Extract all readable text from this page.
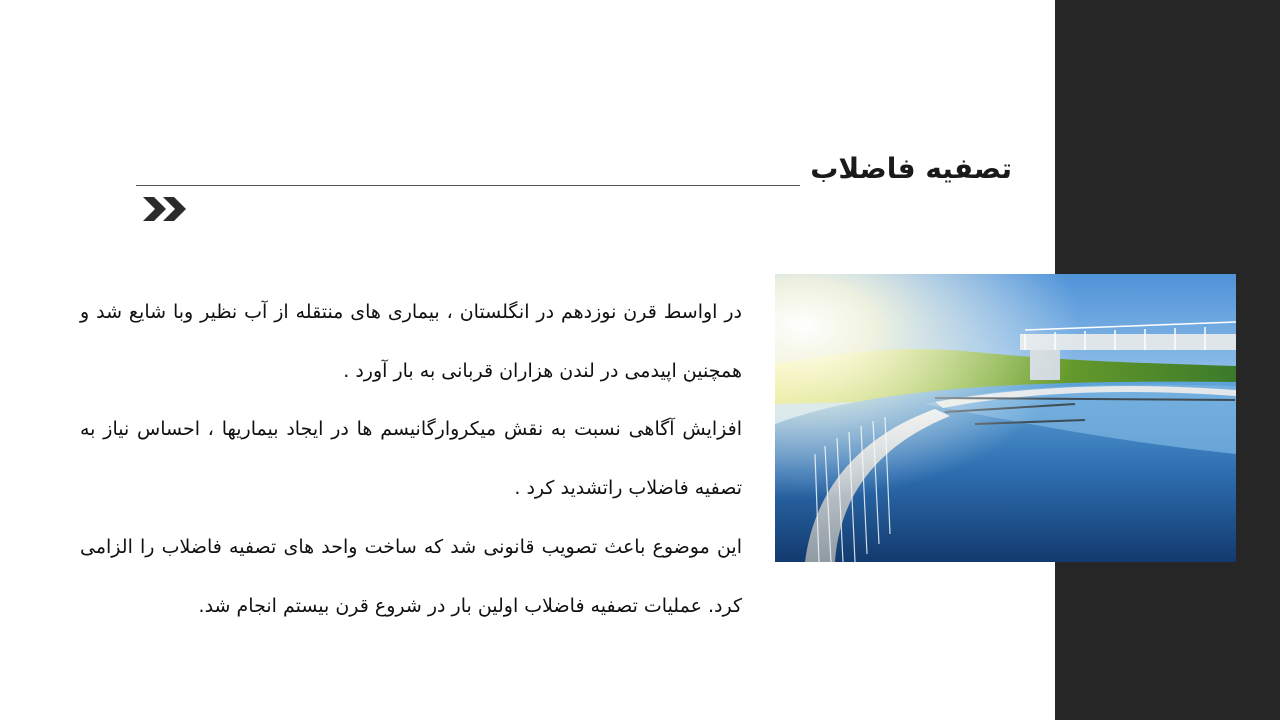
تصفیه فاضلاب

در اواسط قرن نوزدهم در انگلستان ، بیماری های منتقله از آب نظیر وبا شایع شد و همچنین اپیدمی در لندن هزاران قربانی به بار آورد .

افزایش آگاهی نسبت به نقش میکروارگانیسم ها در ایجاد بیماریها ، احساس نیاز به تصفیه فاضلاب راتشدید کرد .

این موضوع باعث تصویب قانونی شد که ساخت واحد های تصفیه فاضلاب را الزامی کرد. عملیات تصفیه فاضلاب اولین بار در شروع قرن بیستم انجام شد.
